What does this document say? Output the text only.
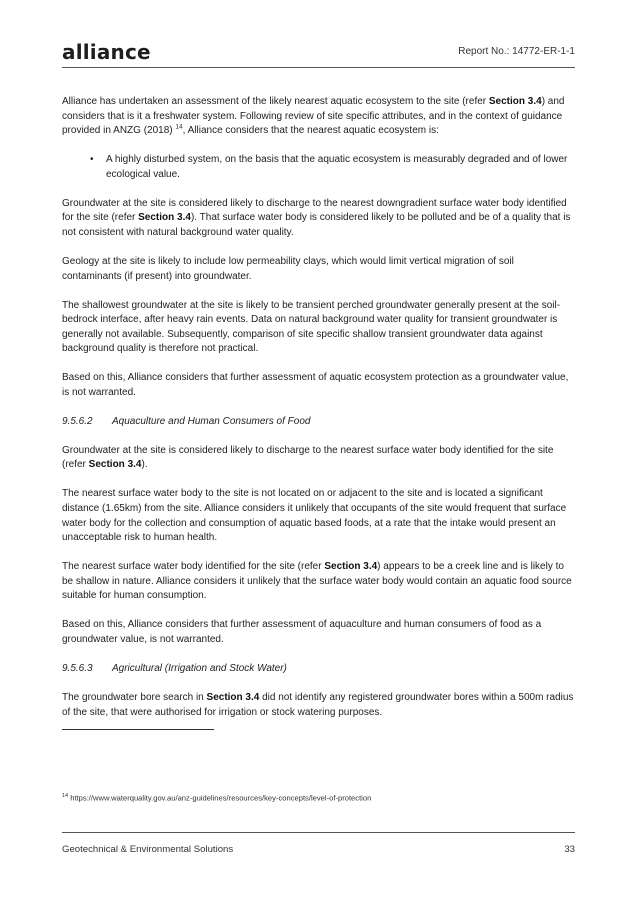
alliance	Report No.: 14772-ER-1-1

Alliance has undertaken an assessment of the likely nearest aquatic ecosystem to the site (refer Section 3.4) and considers that is it a freshwater system. Following review of site specific attributes, and in the context of guidance provided in ANZG (2018) $^{14}$, Alliance considers that the nearest aquatic ecosystem is:

• A highly disturbed system, on the basis that the aquatic ecosystem is measurably degraded and of lower ecological value.

Groundwater at the site is considered likely to discharge to the nearest downgradient surface water body identified for the site (refer Section 3.4). That surface water body is considered likely to be polluted and be of a quality that is not consistent with natural background water quality.

Geology at the site is likely to include low permeability clays, which would limit vertical migration of soil contaminants (if present) into groundwater.

The shallowest groundwater at the site is likely to be transient perched groundwater generally present at the soil-bedrock interface, after heavy rain events. Data on natural background water quality for transient groundwater is generally not available. Subsequently, comparison of site specific shallow transient groundwater data against background quality is therefore not practical.

Based on this, Alliance considers that further assessment of aquatic ecosystem protection as a groundwater value, is not warranted.

9.5.6.2 Aquaculture and Human Consumers of Food

Groundwater at the site is considered likely to discharge to the nearest surface water body identified for the site (refer Section 3.4).

The nearest surface water body to the site is not located on or adjacent to the site and is located a significant distance (1.65km) from the site. Alliance considers it unlikely that occupants of the site would frequent that surface water body for the collection and consumption of aquatic based foods, at a rate that the intake would present an unacceptable risk to human health.

The nearest surface water body identified for the site (refer Section 3.4) appears to be a creek line and is likely to be shallow in nature. Alliance considers it unlikely that the surface water body would contain an aquatic food source suitable for human consumption.

Based on this, Alliance considers that further assessment of aquaculture and human consumers of food as a groundwater value, is not warranted.

9.5.6.3 Agricultural (Irrigation and Stock Water)

The groundwater bore search in Section 3.4 did not identify any registered groundwater bores within a 500m radius of the site, that were authorised for irrigation or stock watering purposes.

$^{14}$ https://www.waterquality.gov.au/anz-guidelines/resources/key-concepts/level-of-protection
Geotechnical & Environmental Solutions	33
